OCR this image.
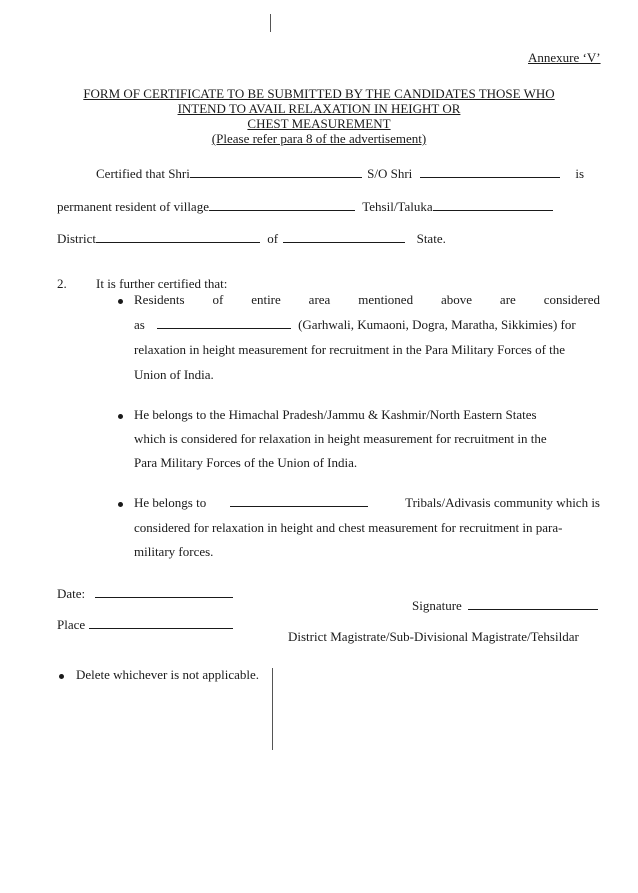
Annexure ‘V’
FORM OF CERTIFICATE TO BE SUBMITTED BY THE CANDIDATES THOSE WHO
INTEND TO AVAIL RELAXATION IN HEIGHT OR
CHEST MEASUREMENT
(Please refer para 8 of the advertisement)
Certified that Shri	S/O Shri	is
permanent resident of village	Tehsil/Taluka
District	of	State.
2. It is further certified that:
Residents of entire area mentioned above are considered
as	(Garhwali, Kumaoni, Dogra, Maratha, Sikkimies) for
relaxation in height measurement for recruitment in the Para Military Forces of the
Union of India.
He belongs to the Himachal Pradesh/Jammu & Kashmir/North Eastern States
which is considered for relaxation in height measurement for recruitment in the
Para Military Forces of the Union of India.
He belongs to	Tribals/Adivasis community which is
considered for relaxation in height and chest measurement for recruitment in para-
military forces.
Date:
Signature
Place
District Magistrate/Sub-Divisional Magistrate/Tehsildar
Delete whichever is not applicable.
